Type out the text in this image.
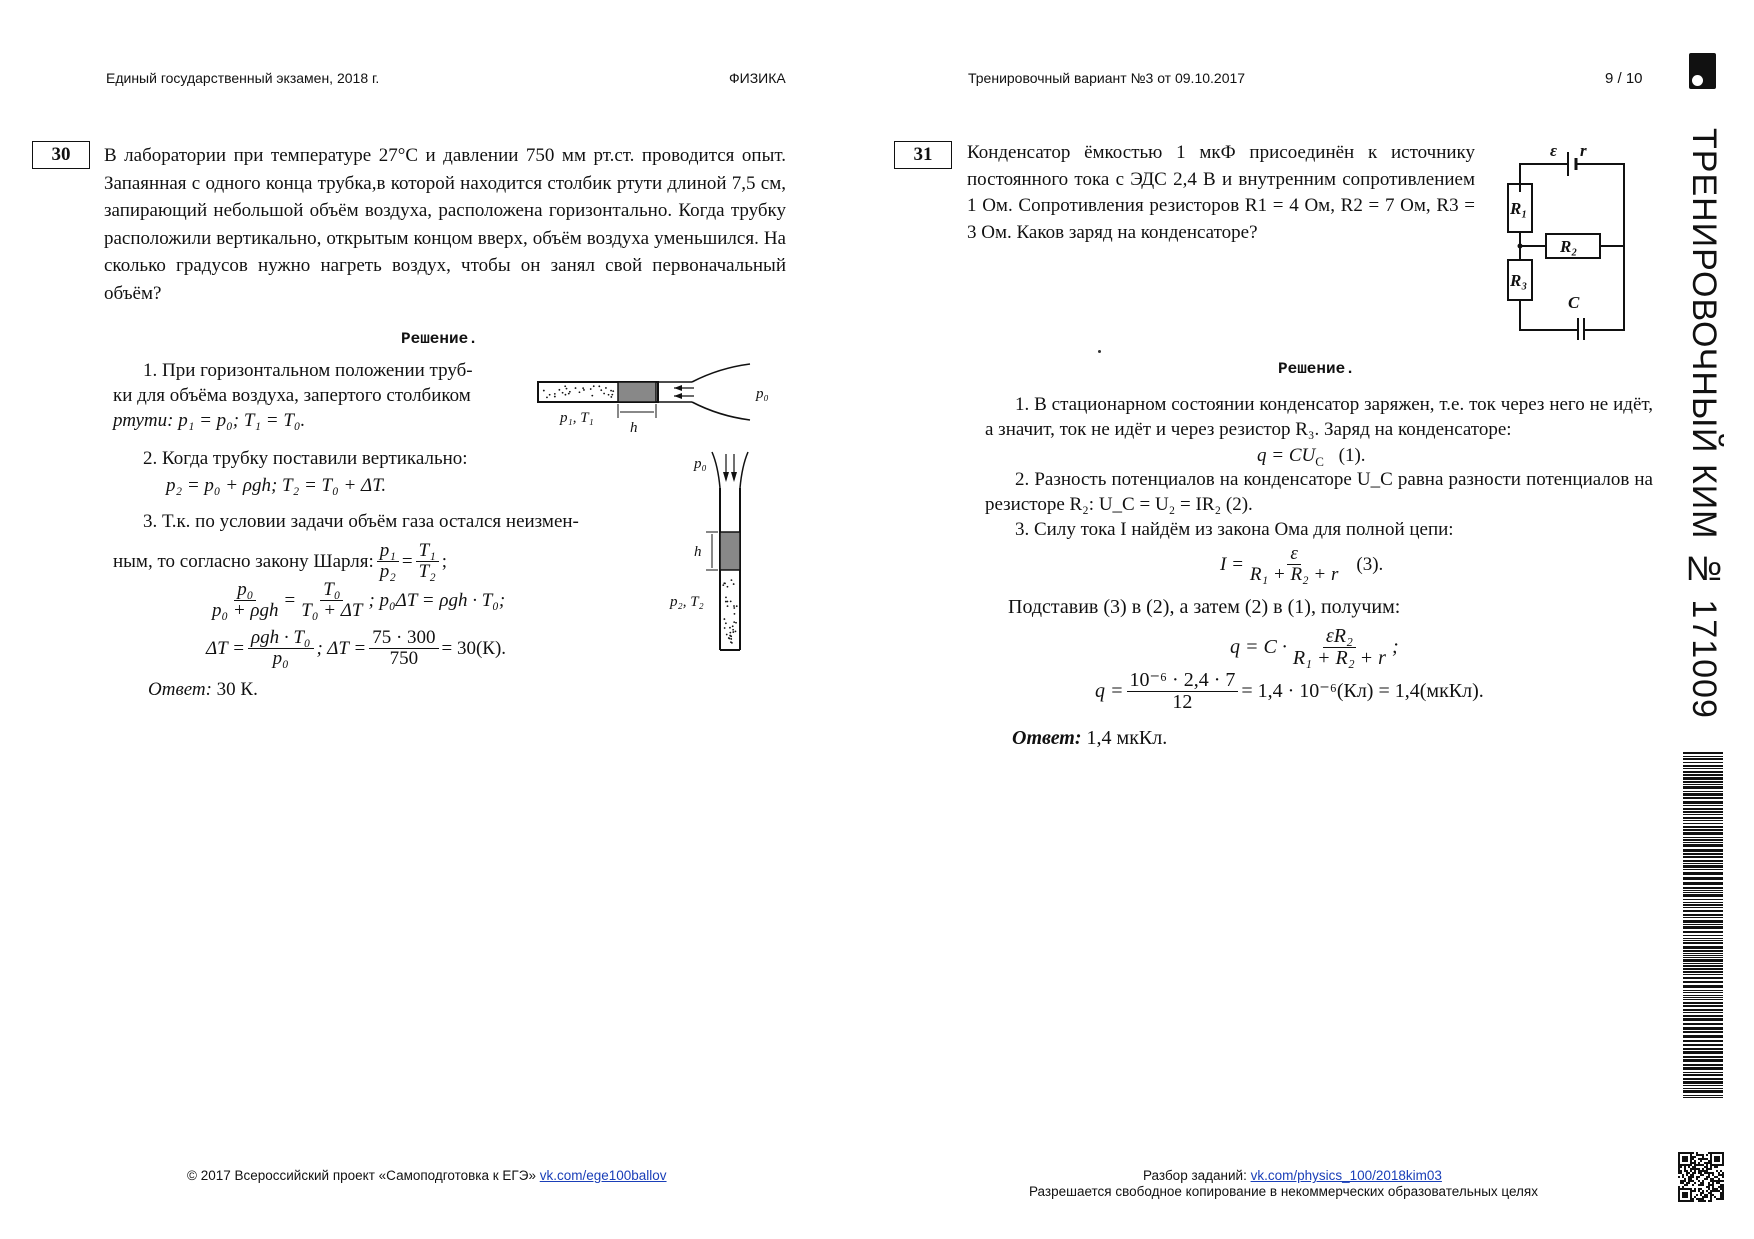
Единый государственный экзамен, 2018 г.	ФИЗИКА	Тренировочный вариант №3 от 09.10.2017	9 / 10
ТРЕНИРОВОЧНЫЙ КИМ № 171009
30	В лаборатории при температуре 27°C и давлении 750 мм рт.ст. проводится опыт. Запаянная с одного конца трубка,в которой находится столбик ртути длиной 7,5 см, запирающий небольшой объём воздуха, расположена горизонтально. Когда трубку расположили вертикально, открытым концом вверх, объём воздуха уменьшился. На сколько градусов нужно нагреть воздух, чтобы он занял свой первоначальный объём?
Решение.
1. При горизонтальном положении труб-
ки для объёма воздуха, запертого столбиком
ртути: p₁ = p₀; T₁ = T₀.
2. Когда трубку поставили вертикально:
p₂ = p₀ + ρgh; T₂ = T₀ + ΔT.
3. Т.к. по условии задачи объём газа остался неизмен-
ным, то согласно закону Шарля: $\frac{\text{p₁}}{\text{p₂}} = \frac{\text{T₁}}{\text{T₂}}$ ;
$\frac{\text{p₀}}{\text{p₀ + ρgh}} = \frac{\text{T₀}}{\text{T₀ + ΔT}}$ ; p₀ΔT = ρgh · T₀;
$\Delta T = \frac{\text{ρgh · T₀}}{\text{p₀}}$ ; $\Delta T = \frac{75 \cdot 300}{750} = 30(К)$.
Ответ: 30 К.
p₁, T₁
h
p₀
p₀
h
p₂, T₂
31	Конденсатор ёмкостью 1 мкФ присоединён к источнику постоянного тока с ЭДС 2,4 В и внутренним сопротивлением 1 Ом. Сопротивления резисторов R1 = 4 Ом, R2 = 7 Ом, R3 = 3 Ом. Каков заряд на конденсаторе?
ε r
R₁
R₂
R₃
C
Решение.
1. В стационарном состоянии конденсатор заряжен, т.е. ток через него не идёт, а значит, ток не идёт и через резистор R₃. Заряд на конденсаторе:
$q = CU_C$ (1).
2. Разность потенциалов на конденсаторе U_C равна разности потенциалов на резисторе R₂: U_C = U₂ = IR₂ (2).
3. Силу тока I найдём из закона Ома для полной цепи:
$I = \frac{\varepsilon}{\text{R₁ + R₂ + r}} (3)$.
Подставив (3) в (2), а затем (2) в (1), получим:
$q = C \cdot \frac{\text{εR₂}}{\text{R₁ + R₂ + r}}$ ;
$q = \frac{\text{10⁻⁶ · 2,4 · 7}}{12} = 1,4 \cdot 10^{-6}(Кл)$ = 1,4(мкКл).
Ответ: 1,4 мкКл.
© 2017 Всероссийский проект «Самоподготовка к ЕГЭ» vk.com/ege100ballov	Разбор заданий: vk.com/physics_100/2018kim03
Разрешается свободное копирование в некоммерческих образовательных целях
